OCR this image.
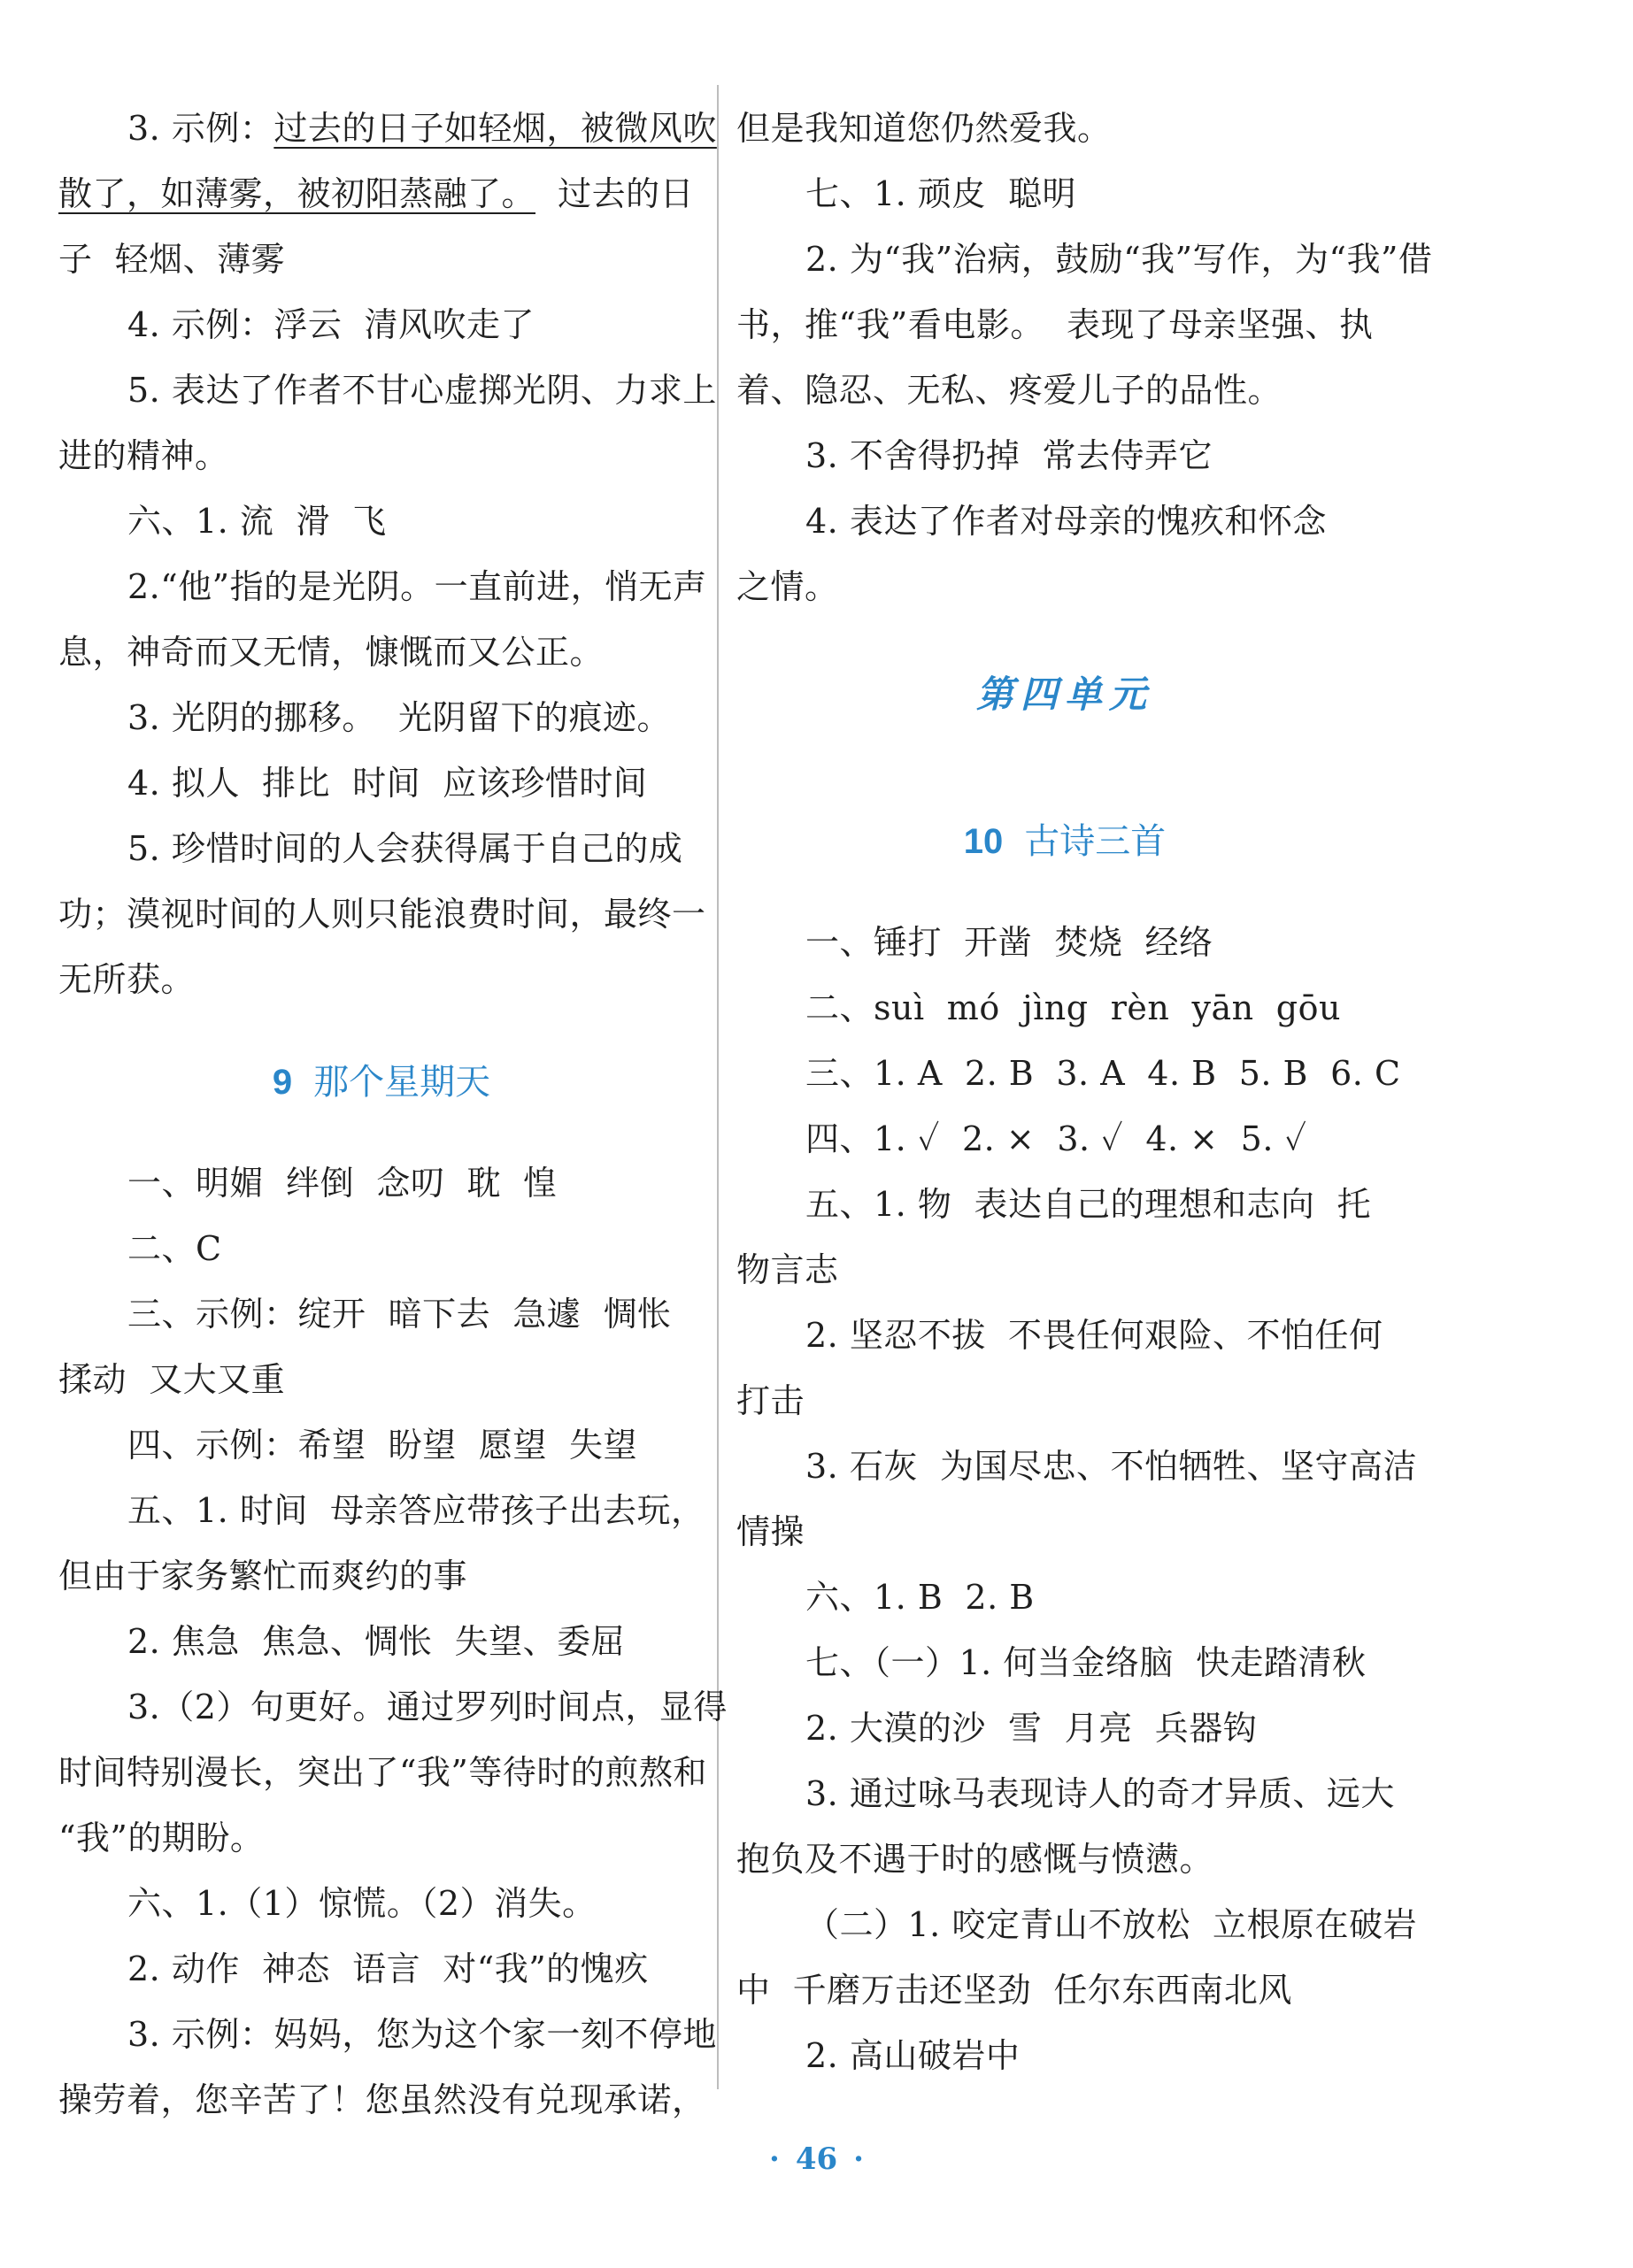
3. 示例：过去的日子如轻烟，被微风吹
散了，如薄雾，被初阳蒸融了。  过去的日
子  轻烟、薄雾
4. 示例：浮云  清风吹走了
5. 表达了作者不甘心虚掷光阴、力求上
进的精神。
六、1. 流  滑  飞
2.“他”指的是光阴。一直前进，悄无声
息，神奇而又无情，慷慨而又公正。
3. 光阴的挪移。  光阴留下的痕迹。
4. 拟人  排比  时间  应该珍惜时间
5. 珍惜时间的人会获得属于自己的成
功；漠视时间的人则只能浪费时间，最终一
无所获。
9 那个星期天
一、明媚  绊倒  念叨  耽  惶
二、C
三、示例：绽开  暗下去  急遽  惆怅
揉动  又大又重
四、示例：希望  盼望  愿望  失望
五、1. 时间  母亲答应带孩子出去玩，
但由于家务繁忙而爽约的事
2. 焦急  焦急、惆怅  失望、委屈
3.（2）句更好。通过罗列时间点，显得
时间特别漫长，突出了“我”等待时的煎熬和
“我”的期盼。
六、1.（1）惊慌。（2）消失。
2. 动作  神态  语言  对“我”的愧疚
3. 示例：妈妈，您为这个家一刻不停地
操劳着，您辛苦了！您虽然没有兑现承诺，
但是我知道您仍然爱我。
七、1. 顽皮  聪明
2. 为“我”治病，鼓励“我”写作，为“我”借
书，推“我”看电影。  表现了母亲坚强、执
着、隐忍、无私、疼爱儿子的品性。
3. 不舍得扔掉  常去侍弄它
4. 表达了作者对母亲的愧疚和怀念
之情。
第四单元
10 古诗三首
一、锤打  开凿  焚烧  经络
二、suì  mó  jìng  rèn  yān  gōu
三、1. A  2. B  3. A  4. B  5. B  6. C
四、1. ✓  2. ×  3. ✓  4. ×  5. ✓
五、1. 物  表达自己的理想和志向  托
物言志
2. 坚忍不拔  不畏任何艰险、不怕任何
打击
3. 石灰  为国尽忠、不怕牺牲、坚守高洁
情操
六、1. B  2. B
七、（一）1. 何当金络脑  快走踏清秋
2. 大漠的沙  雪  月亮  兵器钩
3. 通过咏马表现诗人的奇才异质、远大
抱负及不遇于时的感慨与愤懑。
（二）1. 咬定青山不放松  立根原在破岩
中  千磨万击还坚劲  任尔东西南北风
2. 高山破岩中
· 46 ·
